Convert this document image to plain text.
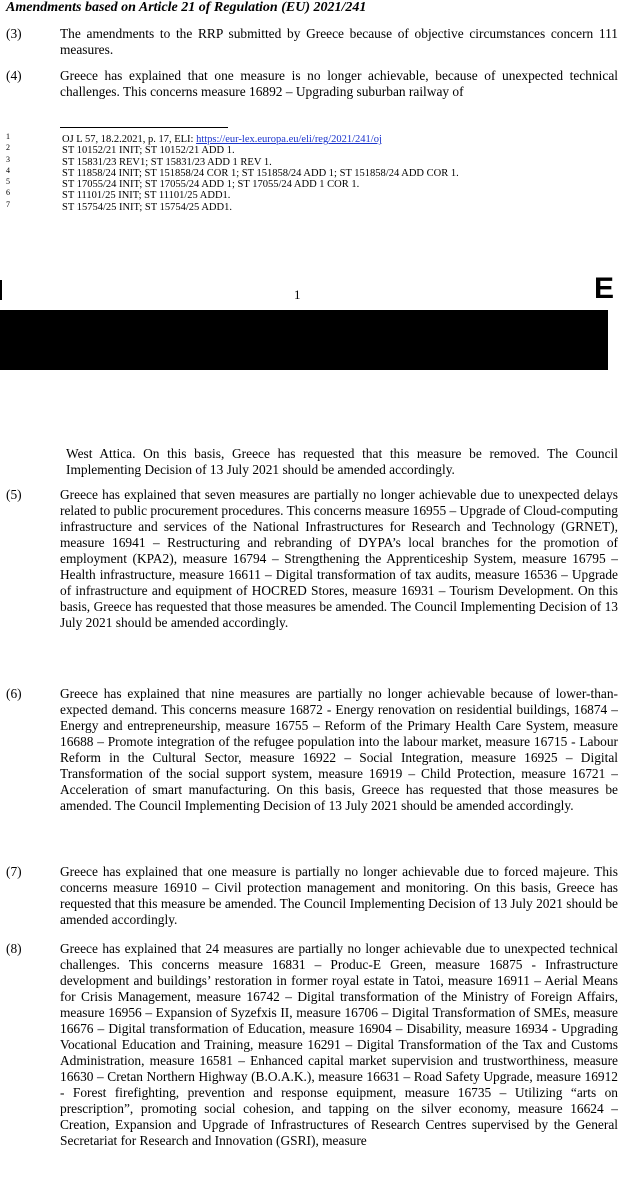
Amendments based on Article 21 of Regulation (EU) 2021/241
(3)	The amendments to the RRP submitted by Greece because of objective circumstances concern 111 measures.
(4)	Greece has explained that one measure is no longer achievable, because of unexpected technical challenges. This concerns measure 16892 – Upgrading suburban railway of
1	OJ L 57, 18.2.2021, p. 17, ELI: https://eur-lex.europa.eu/eli/reg/2021/241/oj
2	ST 10152/21 INIT; ST 10152/21 ADD 1.
3	ST 15831/23 REV1; ST 15831/23 ADD 1 REV 1.
4	ST 11858/24 INIT; ST 151858/24 COR 1; ST 151858/24 ADD 1; ST 151858/24 ADD COR 1.
5	ST 17055/24 INIT; ST 17055/24 ADD 1; ST 17055/24 ADD 1 COR 1.
6	ST 11101/25 INIT; ST 11101/25 ADD1.
7	ST 15754/25 INIT; ST 15754/25 ADD1.
1	E
West Attica. On this basis, Greece has requested that this measure be removed. The Council Implementing Decision of 13 July 2021 should be amended accordingly.
(5)	Greece has explained that seven measures are partially no longer achievable due to unexpected delays related to public procurement procedures. This concerns measure 16955 – Upgrade of Cloud-computing infrastructure and services of the National Infrastructures for Research and Technology (GRNET), measure 16941 – Restructuring and rebranding of DYPA’s local branches for the promotion of employment (KPA2), measure 16794 – Strengthening the Apprenticeship System, measure 16795 – Health infrastructure, measure 16611 – Digital transformation of tax audits, measure 16536 – Upgrade of infrastructure and equipment of HOCRED Stores, measure 16931 – Tourism Development. On this basis, Greece has requested that those measures be amended. The Council Implementing Decision of 13 July 2021 should be amended accordingly.
(6)	Greece has explained that nine measures are partially no longer achievable because of lower-than-expected demand. This concerns measure 16872 - Energy renovation on residential buildings, 16874 – Energy and entrepreneurship, measure 16755 – Reform of the Primary Health Care System, measure 16688 – Promote integration of the refugee population into the labour market, measure 16715 - Labour Reform in the Cultural Sector, measure 16922 – Social Integration, measure 16925 – Digital Transformation of the social support system, measure 16919 – Child Protection, measure 16721 – Acceleration of smart manufacturing. On this basis, Greece has requested that those measures be amended. The Council Implementing Decision of 13 July 2021 should be amended accordingly.
(7)	Greece has explained that one measure is partially no longer achievable due to forced majeure. This concerns measure 16910 – Civil protection management and monitoring. On this basis, Greece has requested that this measure be amended. The Council Implementing Decision of 13 July 2021 should be amended accordingly.
(8)	Greece has explained that 24 measures are partially no longer achievable due to unexpected technical challenges. This concerns measure 16831 – Produc-E Green, measure 16875 - Infrastructure development and buildings’ restoration in former royal estate in Tatoi, measure 16911 – Aerial Means for Crisis Management, measure 16742 – Digital transformation of the Ministry of Foreign Affairs, measure 16956 – Expansion of Syzefxis II, measure 16706 – Digital Transformation of SMEs, measure 16676 – Digital transformation of Education, measure 16904 – Disability, measure 16934 - Upgrading Vocational Education and Training, measure 16291 – Digital Transformation of the Tax and Customs Administration, measure 16581 – Enhanced capital market supervision and trustworthiness, measure 16630 – Cretan Northern Highway (B.O.A.K.), measure 16631 – Road Safety Upgrade, measure 16912 - Forest firefighting, prevention and response equipment, measure 16735 – Utilizing “arts on prescription”, promoting social cohesion, and tapping on the silver economy, measure 16624 – Creation, Expansion and Upgrade of Infrastructures of Research Centres supervised by the General Secretariat for Research and Innovation (GSRI), measure
